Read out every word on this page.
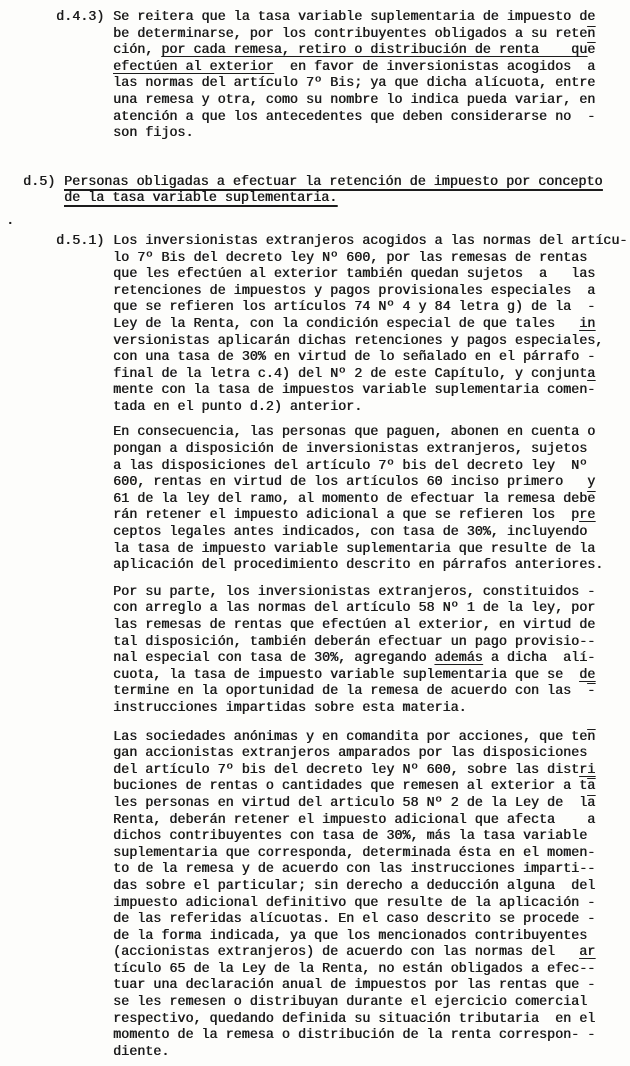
.
d.4.3) Se reitera que la tasa variable suplementaria de impuesto de
be determinarse, por los contribuyentes obligados a su $rete\overline{n}$
ción, por cada remesa, retiro o distribución de renta    $qu\overline{e}$
efectúen al exterior  en favor de inversionistas acogidos  a
las normas del artículo 7º Bis; ya que dicha alícuota, entre
una remesa y otra, como su nombre lo indica pueda variar, en
atención a que los antecedentes que deben considerarse no  -
son fijos.
d.5) Personas obligadas a efectuar la retención de impuesto por concepto
de la tasa variable suplementaria.
d.5.1) Los inversionistas extranjeros acogidos a las normas del artícu-
lo 7º Bis del decreto ley Nº 600, por las remesas de rentas
que les efectúen al exterior también quedan sujetos  a   las
retenciones de impuestos y pagos provisionales especiales  a
que se refieren los artículos 74 Nº 4 y 84 letra g) de la  -
Ley de la Renta, con la condición especial de que tales   in
versionistas aplicarán dichas retenciones y pagos especiales,
con una tasa de 30% en virtud de lo señalado en el párrafo -
final de la letra c.4) del Nº 2 de este Capítulo, y conjunta
mente con la tasa de impuestos variable suplementaria comen-
tada en el punto d.2) anterior.
En consecuencia, las personas que paguen, abonen en cuenta o
pongan a disposición de inversionistas extranjeros, sujetos
a las disposiciones del artículo 7º bis del decreto ley  Nº
600, rentas en virtud de los artículos 60 inciso primero   y
61 de la ley del ramo, al momento de efectuar la remesa $deb\overline{e}$
rán retener el impuesto adicional a que se refieren los  pre
ceptos legales antes indicados, con tasa de 30%, incluyendo
la tasa de impuesto variable suplementaria que resulte de la
aplicación del procedimiento descrito en párrafos anteriores.
Por su parte, los inversionistas extranjeros, constituidos -
con arreglo a las normas del artículo 58 Nº 1 de la ley, por
las remesas de rentas que efectúen al exterior, en virtud de
tal disposición, también deberán efectuar un pago provisio--
nal especial con tasa de 30%, agregando además a dicha  alí-
cuota, la tasa de impuesto variable suplementaria que se  de
termine en la oportunidad de la remesa de acuerdo con las  -
instrucciones impartidas sobre esta materia.
Las sociedades anónimas y en comandita por acciones, que $te\overline{n}$
gan accionistas extranjeros amparados por las disposiciones
del artículo 7º bis del decreto ley Nº 600, sobre las distri
buciones de rentas o cantidades que remesen al exterior a $t\overline{a}$
les personas en virtud del articulo 58 Nº 2 de la Ley de  $l\overline{a}$
Renta, deberán retener el impuesto adicional que afecta    a
dichos contribuyentes con tasa de 30%, más la tasa variable
suplementaria que corresponda, determinada ésta en el momen-
to de la remesa y de acuerdo con las instrucciones imparti--
das sobre el particular; sin derecho a deducción alguna  del
impuesto adicional definitivo que resulte de la aplicación -
de las referidas alícuotas. En el caso descrito se procede -
de la forma indicada, ya que los mencionados contribuyentes
(accionistas extranjeros) de acuerdo con las normas del   ar
tículo 65 de la Ley de la Renta, no están obligados a efec--
tuar una declaración anual de impuestos por las rentas que -
se les remesen o distribuyan durante el ejercicio comercial
respectivo, quedando definida su situación tributaria  en el
momento de la remesa o distribución de la renta correspon- -
diente.
